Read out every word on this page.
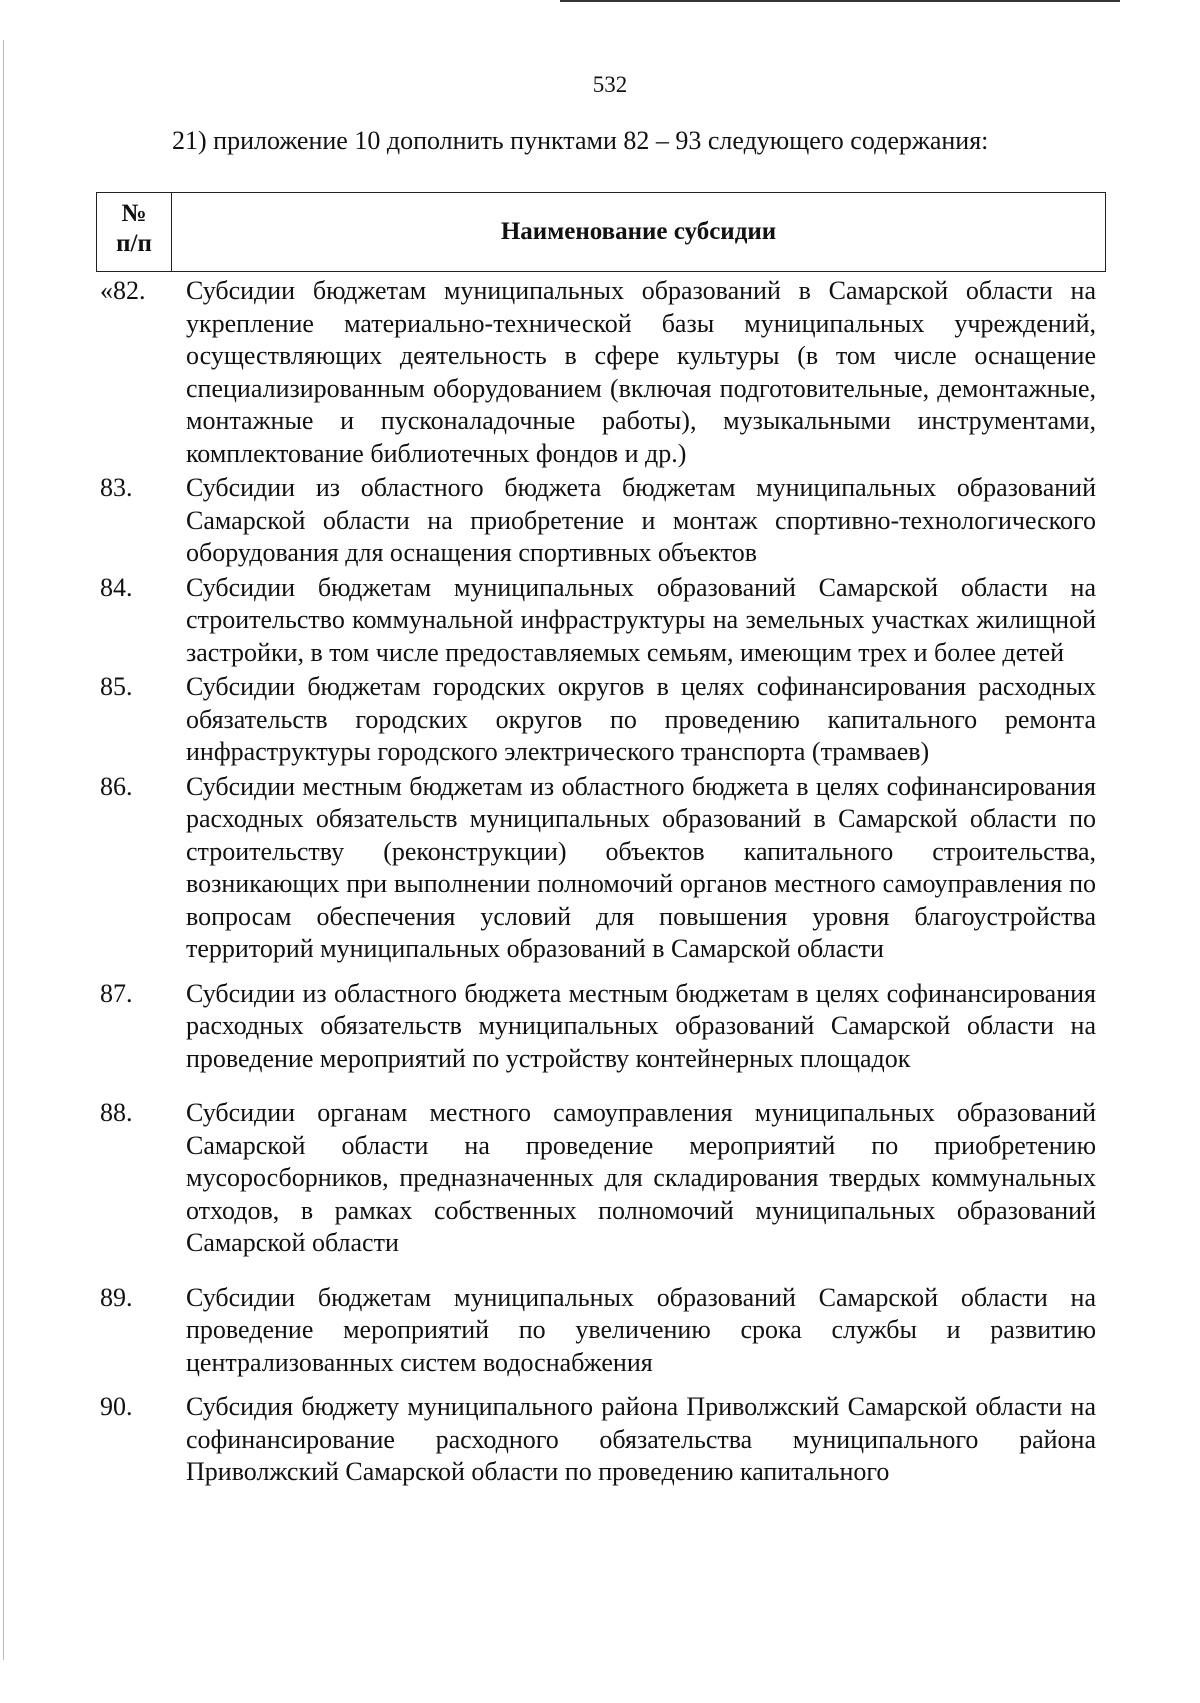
532
21) приложение 10 дополнить пунктами 82 – 93 следующего содержания:
№
п/п	Наименование субсидии
«82.	Субсидии бюджетам муниципальных образований в Самарской области на укрепление материально-технической базы муниципальных учреждений, осуществляющих деятельность в сфере культуры (в том числе оснащение специализированным оборудованием (включая подготовительные, демонтажные, монтажные и пусконаладочные работы), музыкальными инструментами, комплектование библиотечных фондов и др.)
83.	Субсидии из областного бюджета бюджетам муниципальных образований Самарской области на приобретение и монтаж спортивно-технологического оборудования для оснащения спортивных объектов
84.	Субсидии бюджетам муниципальных образований Самарской области на строительство коммунальной инфраструктуры на земельных участках жилищной застройки, в том числе предоставляемых семьям, имеющим трех и более детей
85.	Субсидии бюджетам городских округов в целях софинансирования расходных обязательств городских округов по проведению капитального ремонта инфраструктуры городского электрического транспорта (трамваев)
86.	Субсидии местным бюджетам из областного бюджета в целях софинансирования расходных обязательств муниципальных образований в Самарской области по строительству (реконструкции) объектов капитального строительства, возникающих при выполнении полномочий органов местного самоуправления по вопросам обеспечения условий для повышения уровня благоустройства территорий муниципальных образований в Самарской области
87.	Субсидии из областного бюджета местным бюджетам в целях софинансирования расходных обязательств муниципальных образований Самарской области на проведение мероприятий по устройству контейнерных площадок
88.	Субсидии органам местного самоуправления муниципальных образований Самарской области на проведение мероприятий по приобретению мусоросборников, предназначенных для складирования твердых коммунальных отходов, в рамках собственных полномочий муниципальных образований Самарской области
89.	Субсидии бюджетам муниципальных образований Самарской области на проведение мероприятий по увеличению срока службы и развитию централизованных систем водоснабжения
90.	Субсидия бюджету муниципального района Приволжский Самарской области на софинансирование расходного обязательства муниципального района Приволжский Самарской области по проведению капитального
